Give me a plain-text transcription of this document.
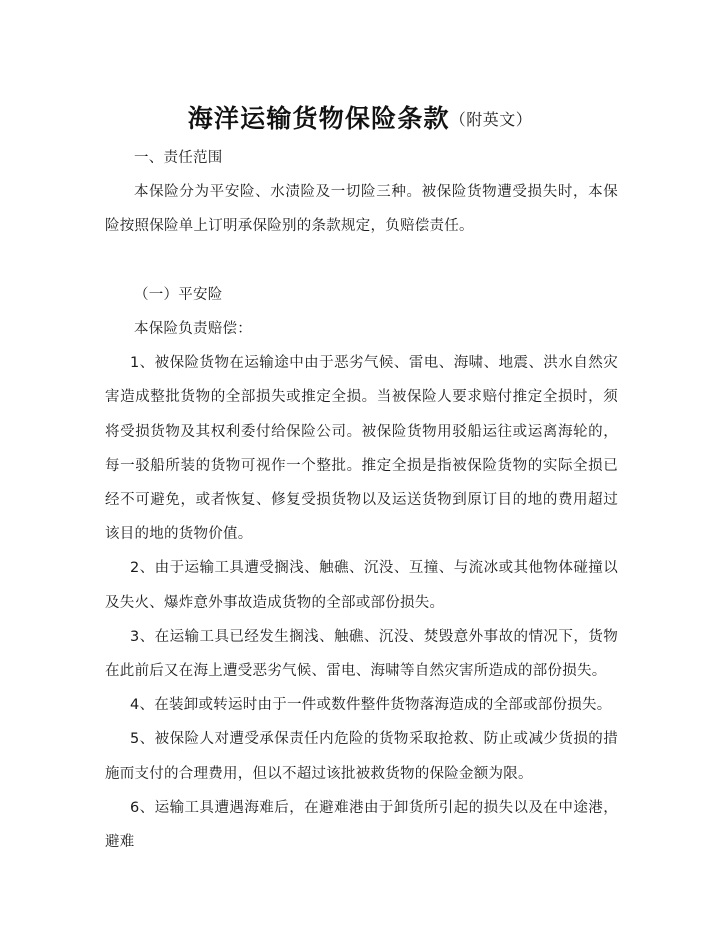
海洋运输货物保险条款（附英文）

一、责任范围

本保险分为平安险、水渍险及一切险三种。被保险货物遭受损失时，本保险按照保险单上订明承保险别的条款规定，负赔偿责任。

（一）平安险

本保险负责赔偿：

1、被保险货物在运输途中由于恶劣气候、雷电、海啸、地震、洪水自然灾害造成整批货物的全部损失或推定全损。当被保险人要求赔付推定全损时，须将受损货物及其权利委付给保险公司。被保险货物用驳船运往或运离海轮的，每一驳船所装的货物可视作一个整批。推定全损是指被保险货物的实际全损已经不可避免，或者恢复、修复受损货物以及运送货物到原订目的地的费用超过该目的地的货物价值。

2、由于运输工具遭受搁浅、触礁、沉没、互撞、与流冰或其他物体碰撞以及失火、爆炸意外事故造成货物的全部或部份损失。

3、在运输工具已经发生搁浅、触礁、沉没、焚毁意外事故的情况下，货物在此前后又在海上遭受恶劣气候、雷电、海啸等自然灾害所造成的部份损失。

4、在装卸或转运时由于一件或数件整件货物落海造成的全部或部份损失。

5、被保险人对遭受承保责任内危险的货物采取抢救、防止或减少货损的措施而支付的合理费用，但以不超过该批被救货物的保险金额为限。

6、运输工具遭遇海难后，在避难港由于卸货所引起的损失以及在中途港，避难
